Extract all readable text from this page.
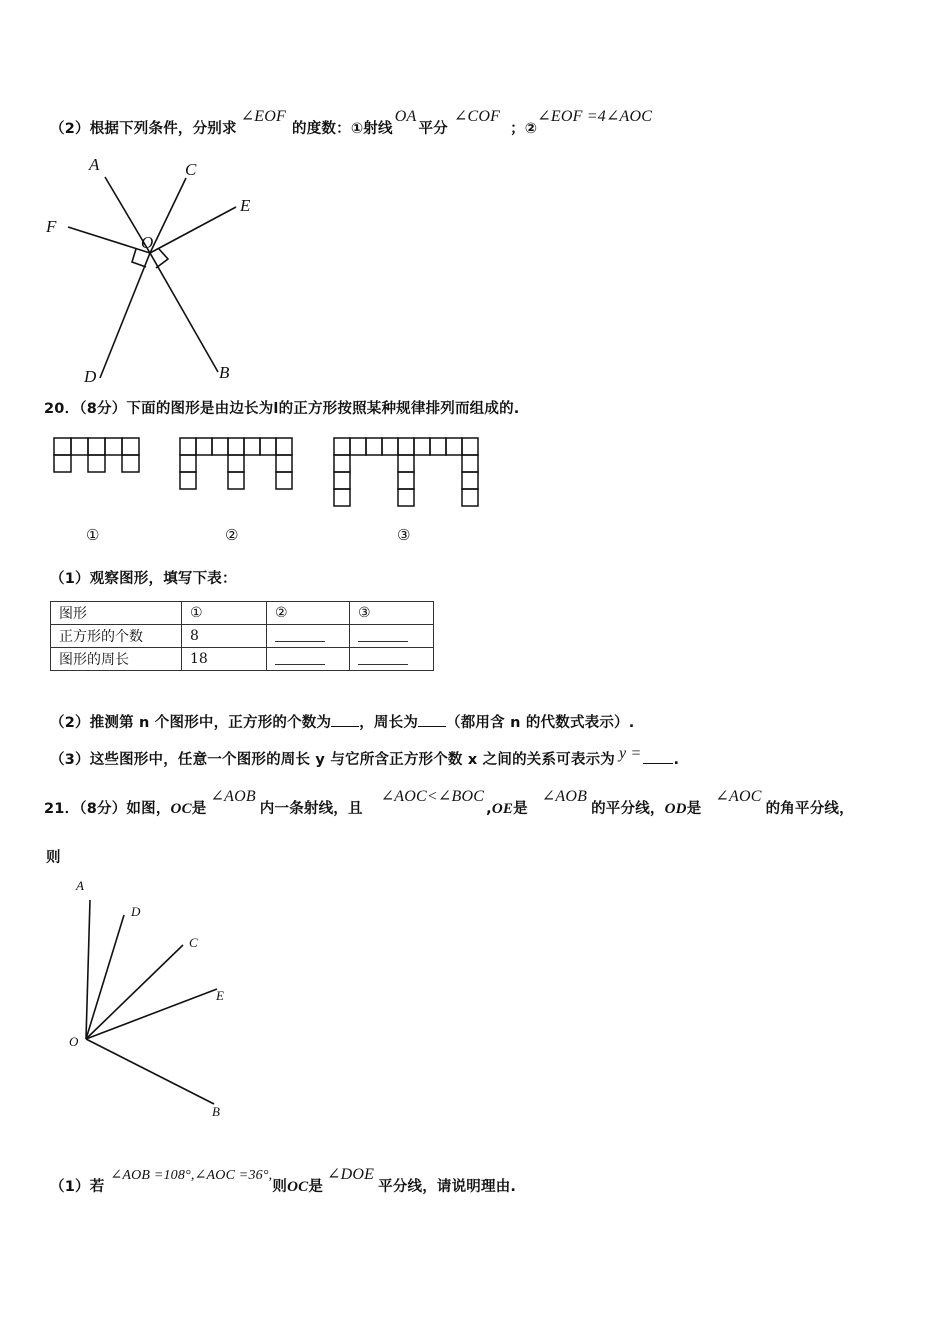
（2）根据下列条件，分别求∠EOF的度数：①射线OA平分∠COF；②∠EOF =4∠AOC
A	C
E
F
O
D	B
20．（8分）下面的图形是由边长为l的正方形按照某种规律排列而组成的.
①	②	③
（1）观察图形，填写下表：
图形	①	②	③
正方形的个数	8		
图形的周长	18		
（2）推测第 n 个图形中，正方形的个数为 ，周长为 （都用含 n 的代数式表示）.
（3）这些图形中，任意一个图形的周长 y 与它所含正方形个数 x 之间的关系可表示为 y = .
21．（8分）如图，OC是∠AOB内一条射线，且∠AOC<∠BOC,OE是∠AOB的平分线，OD是∠AOC的角平分线，
则
A
D
C
E
O
B
（1）若∠AOB =108°,∠AOC =36°,则OC是∠DOE平分线，请说明理由.
